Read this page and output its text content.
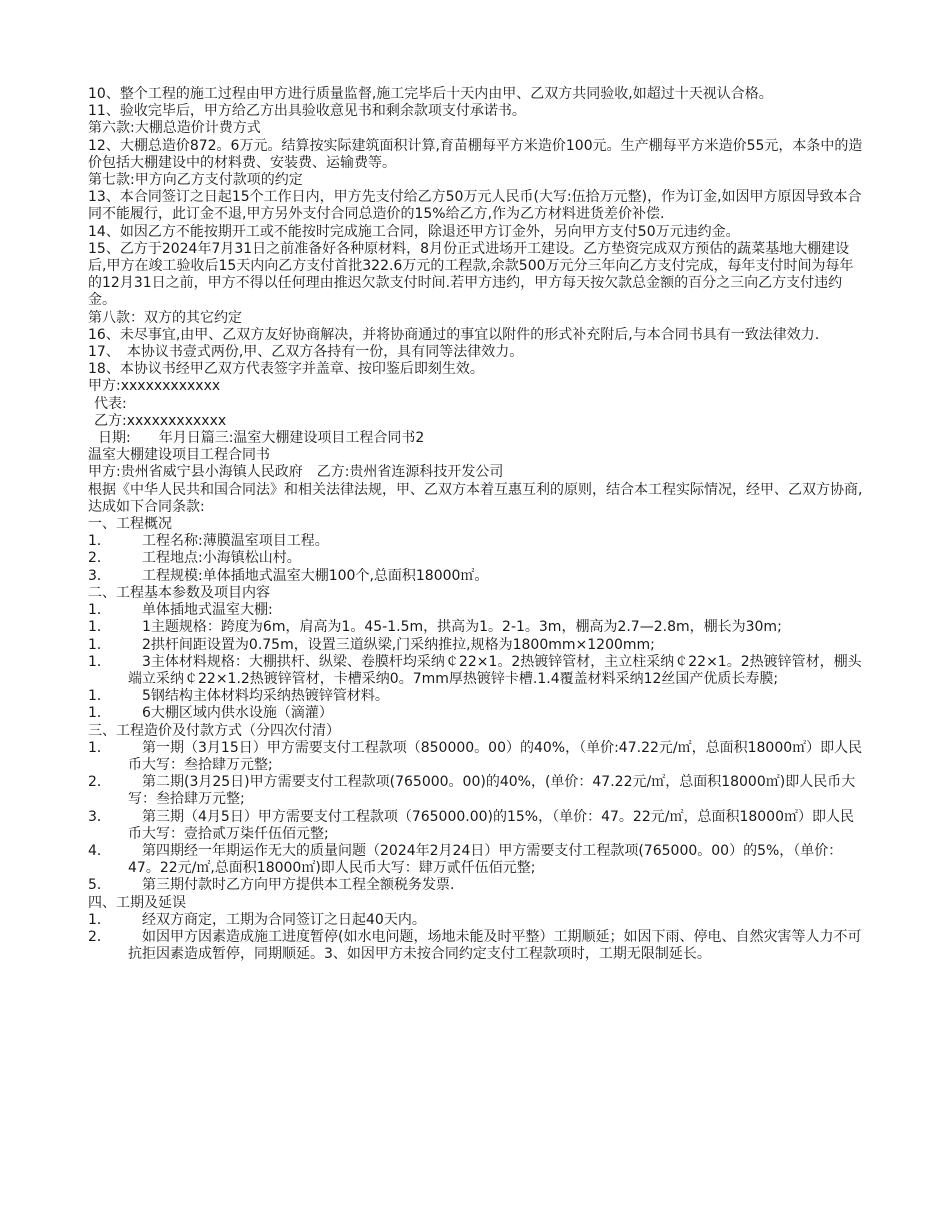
10、整个工程的施工过程由甲方进行质量监督,施工完毕后十天内由甲、乙双方共同验收,如超过十天视认合格。

11、验收完毕后，甲方给乙方出具验收意见书和剩余款项支付承诺书。

第六款:大棚总造价计费方式

12、大棚总造价872。6万元。结算按实际建筑面积计算,育苗棚每平方米造价100元。生产棚每平方米造价55元，本条中的造价包括大棚建设中的材料费、安装费、运输费等。

第七款:甲方向乙方支付款项的约定

13、本合同签订之日起15个工作日内，甲方先支付给乙方50万元人民币(大写:伍拾万元整)，作为订金,如因甲方原因导致本合同不能履行，此订金不退,甲方另外支付合同总造价的15%给乙方,作为乙方材料进货差价补偿.

14、如因乙方不能按期开工或不能按时完成施工合同，除退还甲方订金外，另向甲方支付50万元违约金。

15、乙方于2024年7月31日之前准备好各种原材料，8月份正式进场开工建设。乙方垫资完成双方预估的蔬菜基地大棚建设后,甲方在竣工验收后15天内向乙方支付首批322.6万元的工程款,余款500万元分三年向乙方支付完成，每年支付时间为每年的12月31日之前，甲方不得以任何理由推迟欠款支付时间.若甲方违约，甲方每天按欠款总金额的百分之三向乙方支付违约金。

第八款：双方的其它约定

16、未尽事宜,由甲、乙双方友好协商解决，并将协商通过的事宜以附件的形式补充附后,与本合同书具有一致法律效力.

17、　本协议书壹式两份,甲、乙双方各持有一份，具有同等法律效力。

18、本协议书经甲乙双方代表签字并盖章、按印鉴后即刻生效。

甲方:xxxxxxxxxxxx

代表:

乙方:xxxxxxxxxxxx

日期:　　年月日篇三:温室大棚建设项目工程合同书2

温室大棚建设项目工程合同书

甲方:贵州省威宁县小海镇人民政府　乙方:贵州省连源科技开发公司

根据《中华人民共和国合同法》和相关法律法规，甲、乙双方本着互惠互利的原则，结合本工程实际情况，经甲、乙双方协商,达成如下合同条款:

一、工程概况

1．	　工程名称:薄膜温室项目工程。
2．	　工程地点:小海镇松山村。
3．	　工程规模:单体插地式温室大棚100个,总面积18000㎡。

二、工程基本参数及项目内容

1．	　单体插地式温室大棚:
1．	　1主题规格：跨度为6m，肩高为1。45-1.5m，拱高为1。2-1。3m，棚高为2.7—2.8m，棚长为30m;
1．	　2拱杆间距设置为0.75m，设置三道纵梁,门采纳推拉,规格为1800mm×1200mm;
1．	　3主体材料规格：大棚拱杆、纵梁、卷膜杆均采纳￠22×1。2热镀锌管材，主立柱采纳￠22×1。2热镀锌管材，棚头端立采纳￠22×1.2热镀锌管材，卡槽采纳0。7mm厚热镀锌卡槽.1.4覆盖材料采纳12丝国产优质长寿膜;
1．	　5钢结构主体材料均采纳热镀锌管材料。
1．	　6大棚区域内供水设施（滴灌）

三、工程造价及付款方式（分四次付清）

1．	　第一期（3月15日）甲方需要支付工程款项（850000。00）的40%，（单价:47.22元/㎡，总面积18000㎡）即人民币大写：叁拾肆万元整;
2．	　第二期(3月25日)甲方需要支付工程款项(765000。00)的40%，(单价：47.22元/㎡，总面积18000㎡)即人民币大写：叁拾肆万元整;
3．	　第三期（4月5日）甲方需要支付工程款项（765000.00)的15%，（单价：47。22元/㎡，总面积18000㎡）即人民币大写：壹拾贰万柒仟伍佰元整;
4．	　第四期经一年期运作无大的质量问题（2024年2月24日）甲方需要支付工程款项(765000。00）的5%，（单价：47。22元/㎡,总面积18000㎡)即人民币大写：肆万贰仟伍佰元整;
5．	　第三期付款时乙方向甲方提供本工程全额税务发票.

四、工期及延误

1．	　经双方商定，工期为合同签订之日起40天内。
2．	　如因甲方因素造成施工进度暂停(如水电问题，场地未能及时平整）工期顺延；如因下雨、停电、自然灾害等人力不可抗拒因素造成暂停，同期顺延。3、如因甲方未按合同约定支付工程款项时，工期无限制延长。
